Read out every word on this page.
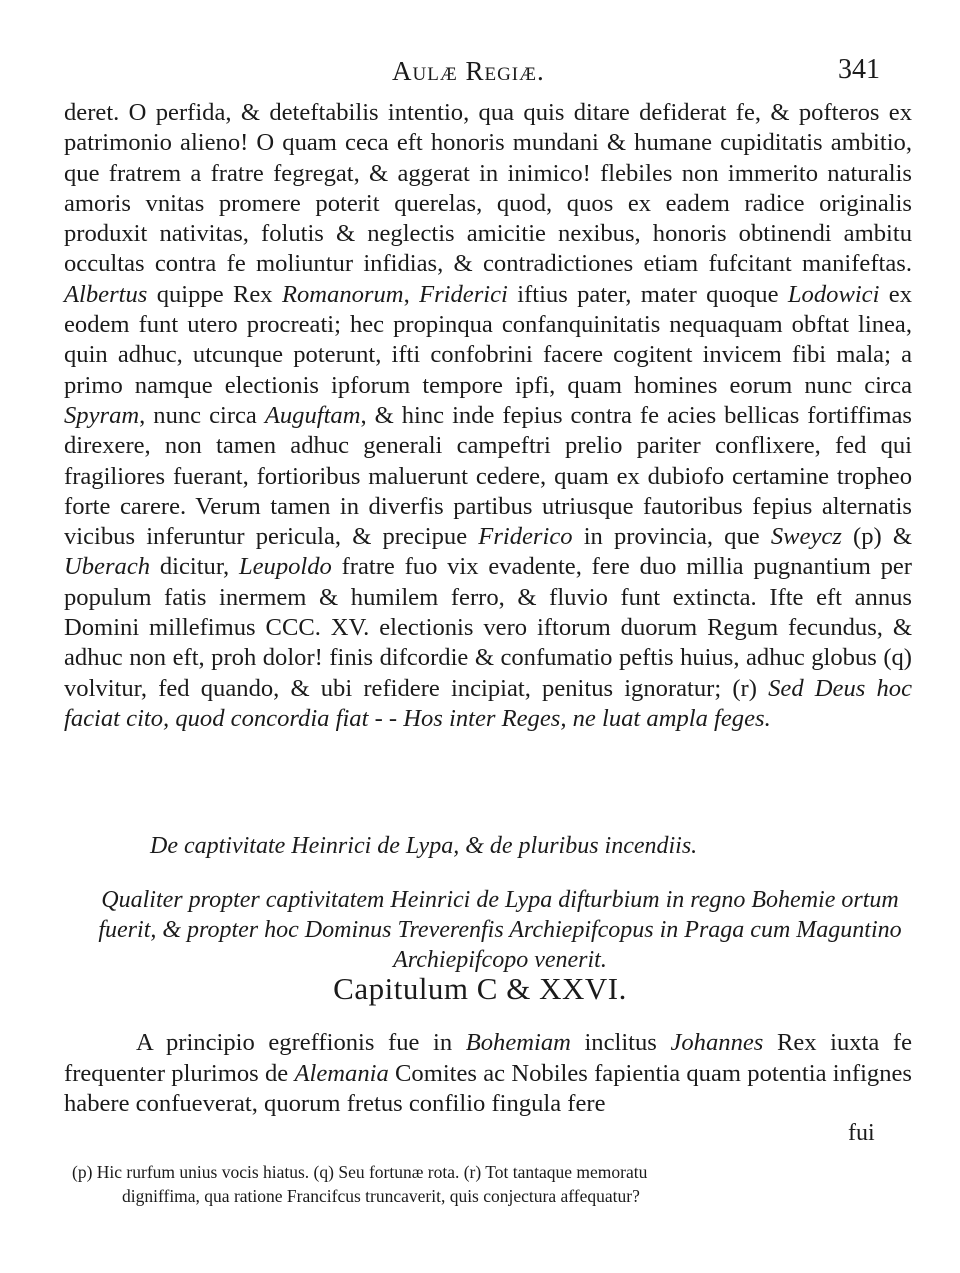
Aulæ Regiæ.	341

deret. O perfida, & deteftabilis intentio, qua quis ditare defiderat fe, & pofteros ex patrimonio alieno! O quam ceca eft honoris mundani & humane cupiditatis ambitio, que fratrem a fratre fegregat, & aggerat in inimico! flebiles non immerito naturalis amoris vnitas promere poterit querelas, quod, quos ex eadem radice originalis produxit nativitas, folutis & neglectis amicitie nexibus, honoris obtinendi ambitu occultas contra fe moliuntur infidias, & contradictiones etiam fufcitant manifeftas. Albertus quippe Rex Romanorum, Friderici iftius pater, mater quoque Lodowici ex eodem funt utero procreati; hec propinqua confanquinitatis nequaquam obftat linea, quin adhuc, utcunque poterunt, ifti confobrini facere cogitent invicem fibi mala; a primo namque electionis ipforum tempore ipfi, quam homines eorum nunc circa Spyram, nunc circa Auguftam, & hinc inde fepius contra fe acies bellicas fortiffimas direxere, non tamen adhuc generali campeftri prelio pariter conflixere, fed qui fragiliores fuerant, fortioribus maluerunt cedere, quam ex dubiofo certamine tropheo forte carere. Verum tamen in diverfis partibus utriusque fautoribus fepius alternatis vicibus inferuntur pericula, & precipue Friderico in provincia, que Sweycz (p) & Uberach dicitur, Leupoldo fratre fuo vix evadente, fere duo millia pugnantium per populum fatis inermem & humilem ferro, & fluvio funt extincta. Ifte eft annus Domini millefimus CCC. XV. electionis vero iftorum duorum Regum fecundus, & adhuc non eft, proh dolor! finis difcordie & confumatio peftis huius, adhuc globus (q) volvitur, fed quando, & ubi refidere incipiat, penitus ignoratur; (r) Sed Deus hoc faciat cito, quod concordia fiat - - Hos inter Reges, ne luat ampla feges.

De captivitate Heinrici de Lypa, & de pluribus incendiis.
Qualiter propter captivitatem Heinrici de Lypa difturbium in regno Bohemie ortum fuerit, & propter hoc Dominus Treverenfis Archiepifcopus in Praga cum Maguntino Archiepifcopo venerit.
Capitulum C & XXVI.

A principio egreffionis fue in Bohemiam inclitus Johannes Rex iuxta fe frequenter plurimos de Alemania Comites ac Nobiles fapientia quam potentia infignes habere confueverat, quorum fretus confilio fingula fere

fui

(p) Hic rurfum unius vocis hiatus. (q) Seu fortunæ rota. (r) Tot tantaque memoratu

digniffima, qua ratione Francifcus truncaverit, quis conjectura affequatur?
